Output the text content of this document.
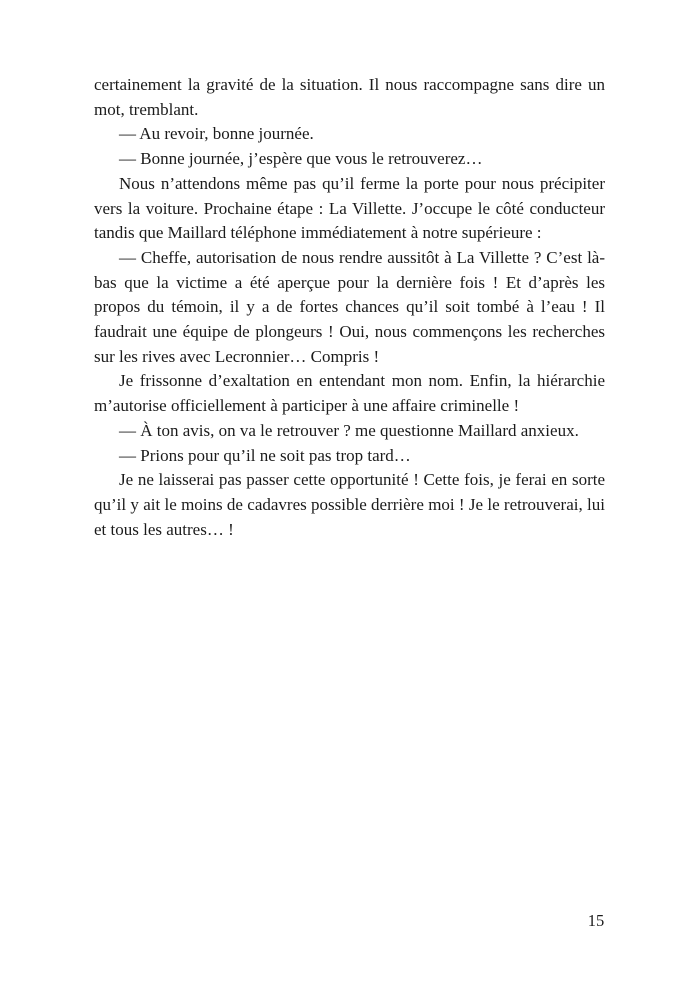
certainement la gravité de la situation. Il nous raccompagne sans dire un mot, tremblant.

— Au revoir, bonne journée.

— Bonne journée, j’espère que vous le retrouverez…

Nous n’attendons même pas qu’il ferme la porte pour nous précipiter vers la voiture. Prochaine étape : La Villette. J’occupe le côté conducteur tandis que Maillard téléphone immédiatement à notre supérieure :

— Cheffe, autorisation de nous rendre aussitôt à La Villette ? C’est là-bas que la victime a été aperçue pour la dernière fois ! Et d’après les propos du témoin, il y a de fortes chances qu’il soit tombé à l’eau ! Il faudrait une équipe de plongeurs ! Oui, nous commençons les recherches sur les rives avec Lecronnier… Compris !

Je frissonne d’exaltation en entendant mon nom. Enfin, la hiérarchie m’autorise officiellement à participer à une affaire criminelle !

— À ton avis, on va le retrouver ? me questionne Maillard anxieux.

— Prions pour qu’il ne soit pas trop tard…

Je ne laisserai pas passer cette opportunité ! Cette fois, je ferai en sorte qu’il y ait le moins de cadavres possible derrière moi ! Je le retrouverai, lui et tous les autres… !

15
